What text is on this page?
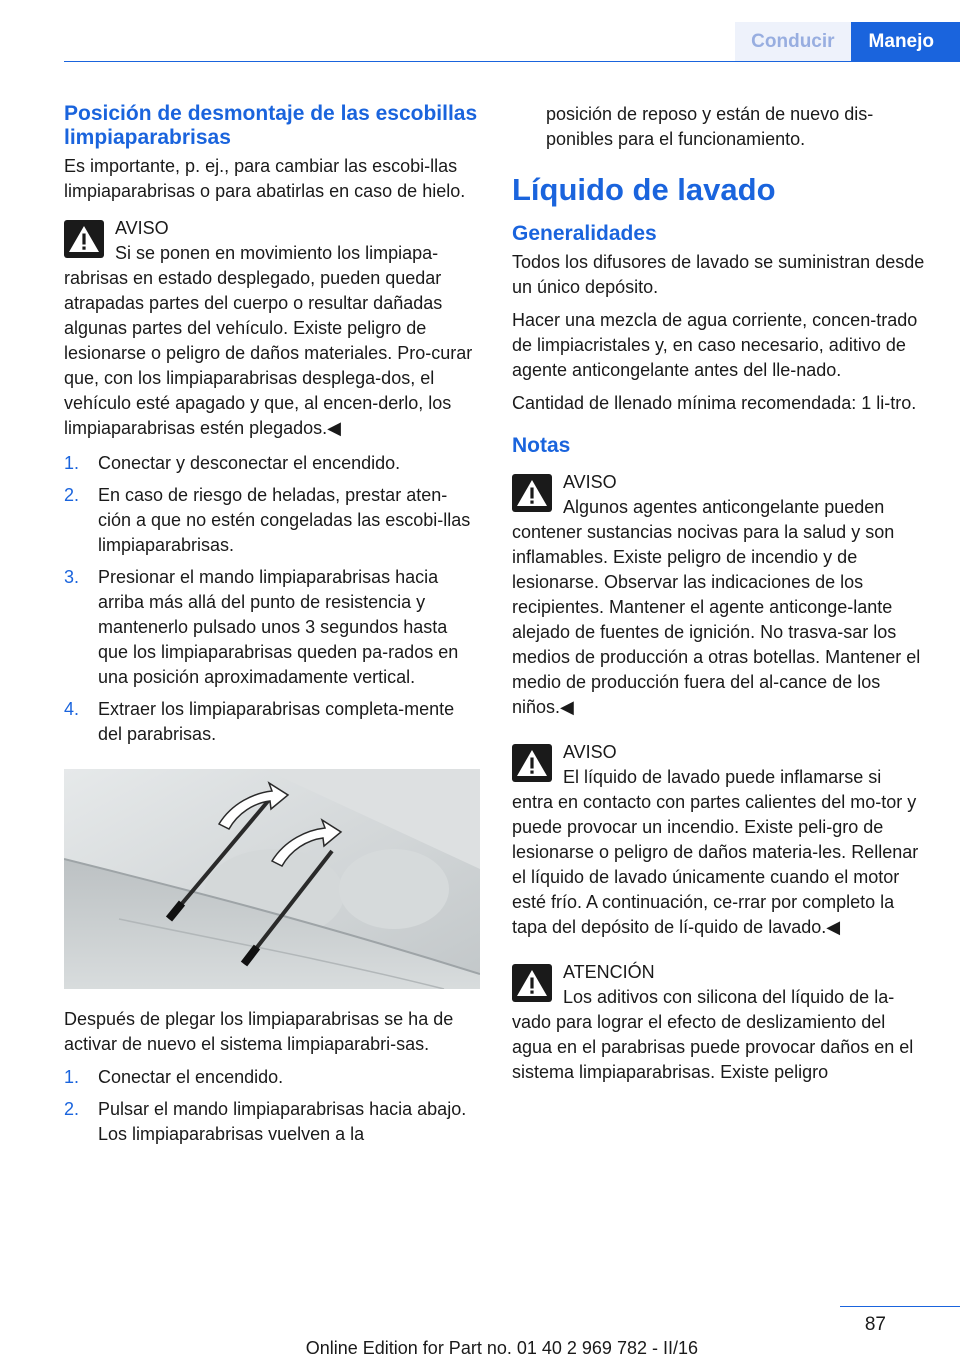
Conducir	Manejo
Posición de desmontaje de las escobillas limpiaparabrisas

Es importante, p. ej., para cambiar las escobi-llas limpiaparabrisas o para abatirlas en caso de hielo.

AVISO
Si se ponen en movimiento los limpiapa-rabrisas en estado desplegado, pueden quedar atrapadas partes del cuerpo o resultar dañadas algunas partes del vehículo. Existe peligro de lesionarse o peligro de daños materiales. Pro-curar que, con los limpiaparabrisas desplega-dos, el vehículo esté apagado y que, al encen-derlo, los limpiaparabrisas estén plegados.◀
1. Conectar y desconectar el encendido.
2. En caso de riesgo de heladas, prestar aten-ción a que no estén congeladas las escobi-llas limpiaparabrisas.
3. Presionar el mando limpiaparabrisas hacia arriba más allá del punto de resistencia y mantenerlo pulsado unos 3 segundos hasta que los limpiaparabrisas queden pa-rados en una posición aproximadamente vertical.
4. Extraer los limpiaparabrisas completa-mente del parabrisas.

Después de plegar los limpiaparabrisas se ha de activar de nuevo el sistema limpiaparabri-sas.

1. Conectar el encendido.
2. Pulsar el mando limpiaparabrisas hacia abajo. Los limpiaparabrisas vuelven a la

posición de reposo y están de nuevo dis-ponibles para el funcionamiento.

Líquido de lavado
Generalidades

Todos los difusores de lavado se suministran desde un único depósito.

Hacer una mezcla de agua corriente, concen-trado de limpiacristales y, en caso necesario, aditivo de agente anticongelante antes del lle-nado.

Cantidad de llenado mínima recomendada: 1 li-tro.

Notas
AVISO
Algunos agentes anticongelante pueden contener sustancias nocivas para la salud y son inflamables. Existe peligro de incendio y de lesionarse. Observar las indicaciones de los recipientes. Mantener el agente anticonge-lante alejado de fuentes de ignición. No trasva-sar los medios de producción a otras botellas. Mantener el medio de producción fuera del al-cance de los niños.◀
AVISO
El líquido de lavado puede inflamarse si entra en contacto con partes calientes del mo-tor y puede provocar un incendio. Existe peli-gro de lesionarse o peligro de daños materia-les. Rellenar el líquido de lavado únicamente cuando el motor esté frío. A continuación, ce-rrar por completo la tapa del depósito de lí-quido de lavado.◀
ATENCIÓN
Los aditivos con silicona del líquido de la-vado para lograr el efecto de deslizamiento del agua en el parabrisas puede provocar daños en el sistema limpiaparabrisas. Existe peligro
87
Online Edition for Part no. 01 40 2 969 782 - II/16
